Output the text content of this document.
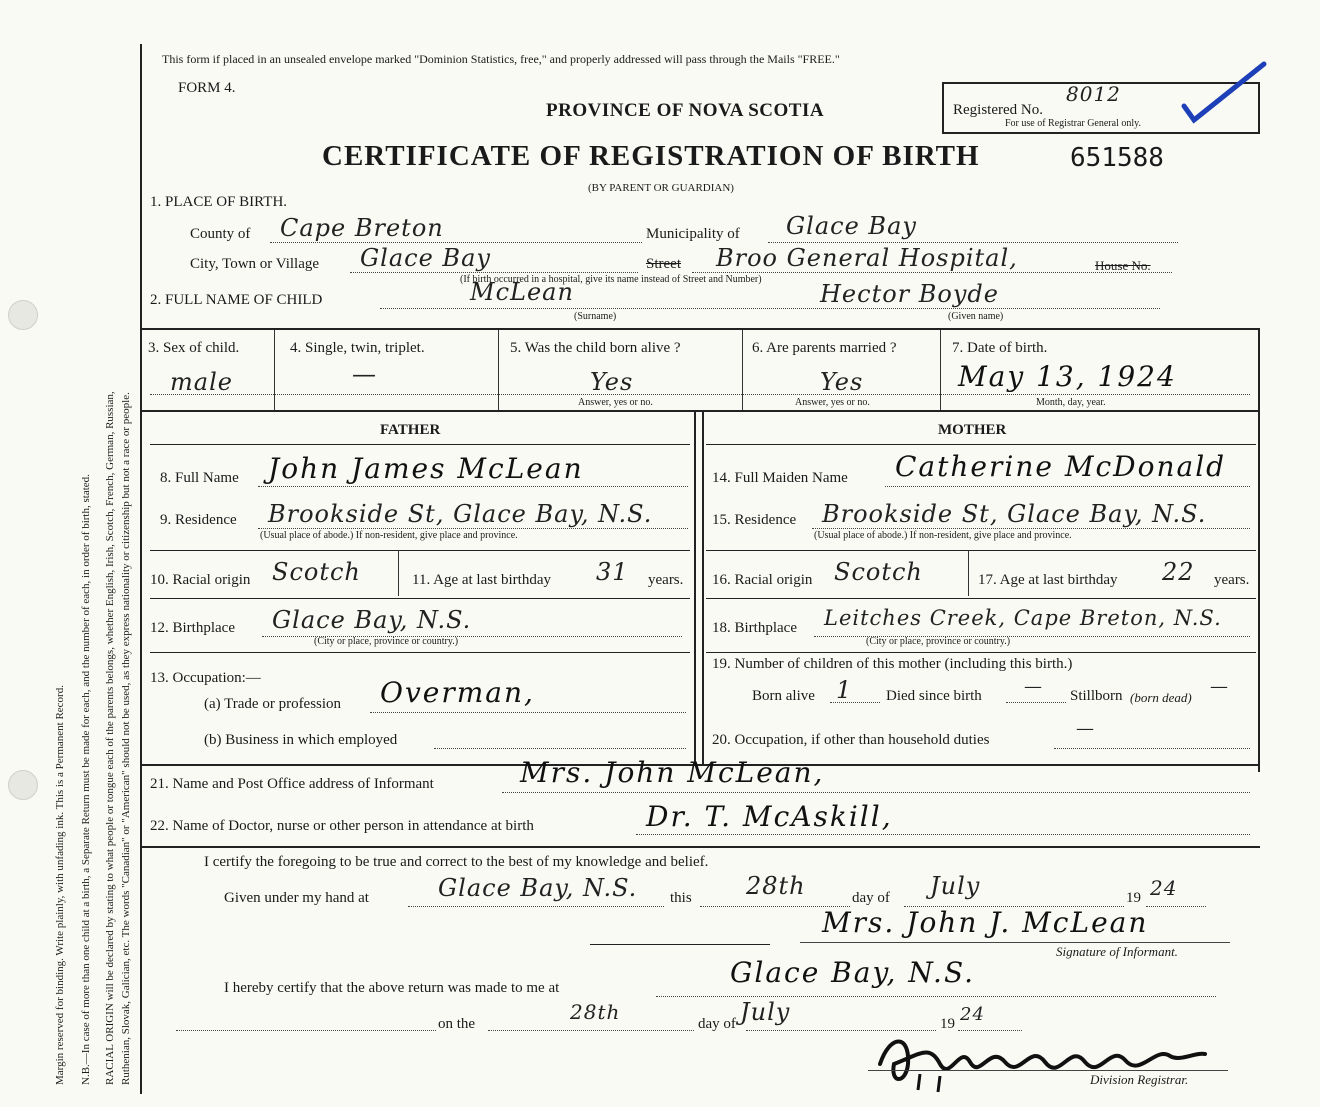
Margin reserved for binding. Write plainly, with unfading ink. This is a Permanent Record. N.B.—In case of more than one child at a birth, a Separate Return must be made for each, and the number of each, in order of birth, stated. RACIAL ORIGIN will be declared by stating to what people or tongue each of the parents belongs, whether English, Irish, Scotch, French, German, Russian, Ruthenian, Slovak, Galician, etc. The words "Canadian" or "American" should not be used, as they express nationality or citizenship but not a race or people.
This form if placed in an unsealed envelope marked "Dominion Statistics, free," and properly addressed will pass through the Mails "FREE."
FORM 4.
PROVINCE OF NOVA SCOTIA
CERTIFICATE OF REGISTRATION OF BIRTH	651588
(BY PARENT OR GUARDIAN)
Registered No.
8012
For use of Registrar General only.
1. PLACE OF BIRTH.
County of Cape Breton	Municipality of Glace Bay
City, Town or Village Glace Bay	Street Broo General Hospital,	House No.
(If birth occurred in a hospital, give its name instead of Street and Number)
2. FULL NAME OF CHILD	McLean	Hector Boyde
(Surname)	(Given name)
3. Sex of child.
male
4. Single, twin, triplet.
—
5. Was the child born alive ?
Yes
Answer, yes or no.
6. Are parents married ?
Yes
Answer, yes or no.
7. Date of birth.
May 13, 1924
Month, day, year.
FATHER	MOTHER
8. Full Name John James McLean
9. Residence Brookside St, Glace Bay, N.S.
(Usual place of abode.) If non-resident, give place and province.
10. Racial origin Scotch	11. Age at last birthday 31 years.
12. Birthplace Glace Bay, N.S.
(City or place, province or country.)
13. Occupation:—
(a) Trade or profession Overman,
(b) Business in which employed
14. Full Maiden Name Catherine McDonald
15. Residence Brookside St, Glace Bay, N.S.
(Usual place of abode.) If non-resident, give place and province.
16. Racial origin Scotch	17. Age at last birthday 22 years.
18. Birthplace Leitches Creek, Cape Breton, N.S.
(City or place, province or country.)
19. Number of children of this mother (including this birth.)
Born alive 1 Died since birth — Stillborn (born dead)
—
20. Occupation, if other than household duties
—
21. Name and Post Office address of Informant	Mrs. John McLean,
22. Name of Doctor, nurse or other person in attendance at birth	Dr. T. McAskill,
I certify the foregoing to be true and correct to the best of my knowledge and belief.
Given under my hand at	Glace Bay, N.S. this 28th	day of July	19 24
Mrs. John J. McLean
Signature of Informant.
I hereby certify that the above return was made to me at	Glace Bay, N.S.
on the	28th	day of July	19 24
Division Registrar.
